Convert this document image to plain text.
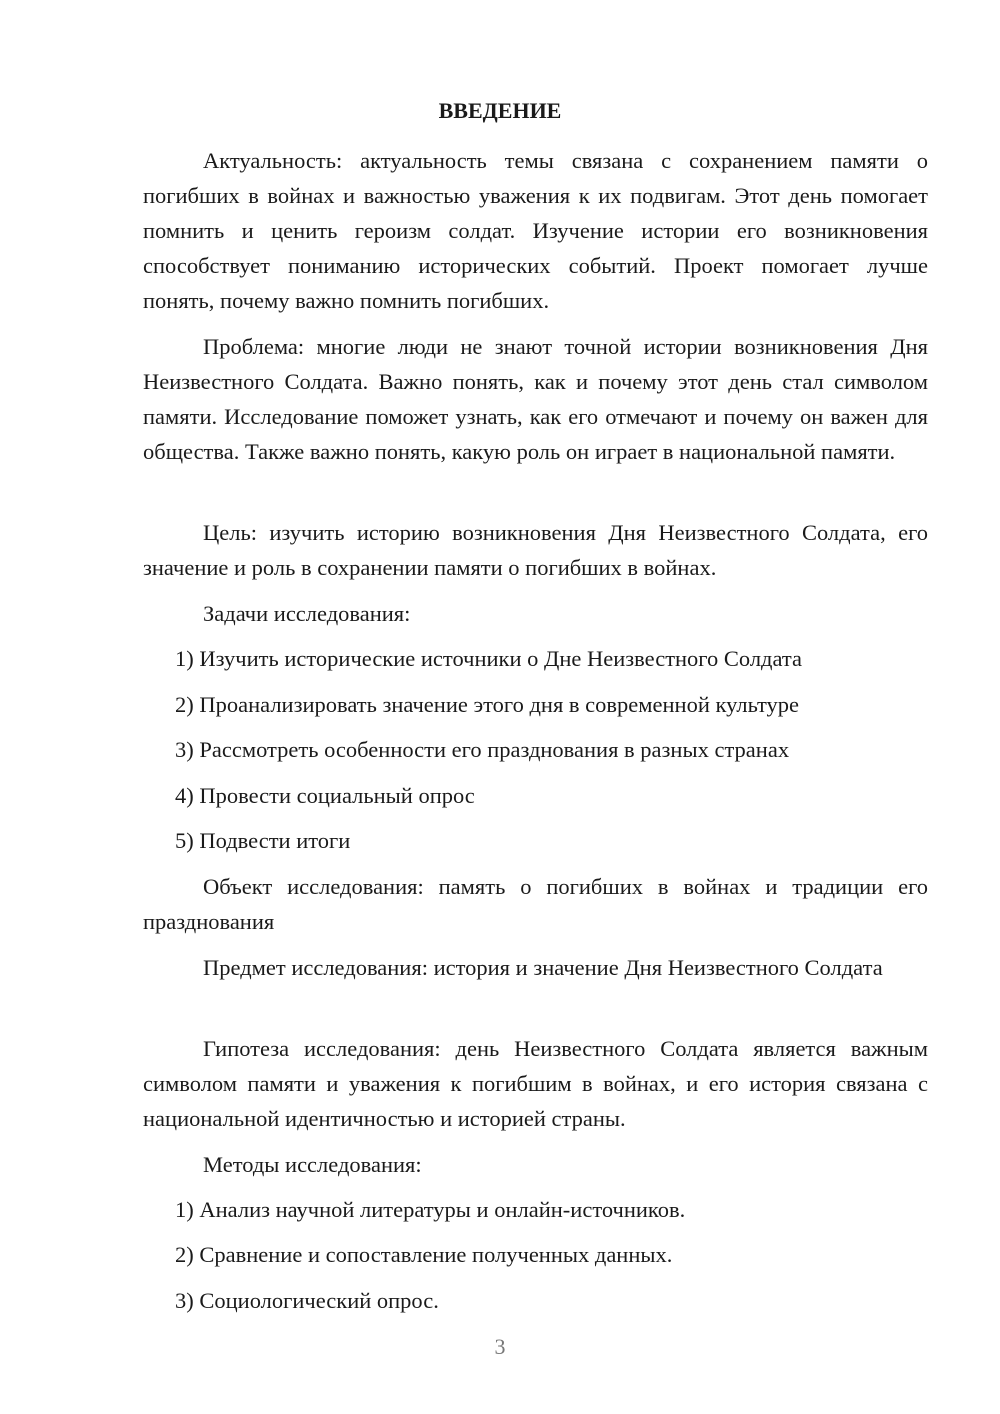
ВВЕДЕНИЕ

Актуальность: актуальность темы связана с сохранением памяти о погибших в войнах и важностью уважения к их подвигам. Этот день помогает помнить и ценить героизм солдат. Изучение истории его возникновения способствует пониманию исторических событий. Проект помогает лучше понять, почему важно помнить погибших.

Проблема: многие люди не знают точной истории возникновения Дня Неизвестного Солдата. Важно понять, как и почему этот день стал символом памяти. Исследование поможет узнать, как его отмечают и почему он важен для общества. Также важно понять, какую роль он играет в национальной памяти.

Цель: изучить историю возникновения Дня Неизвестного Солдата, его значение и роль в сохранении памяти о погибших в войнах.

Задачи исследования:

1) Изучить исторические источники о Дне Неизвестного Солдата

2) Проанализировать значение этого дня в современной культуре

3) Рассмотреть особенности его празднования в разных странах

4) Провести социальный опрос

5) Подвести итоги

Объект исследования: память о погибших в войнах и традиции его празднования

Предмет исследования: история и значение Дня Неизвестного Солдата

Гипотеза исследования: день Неизвестного Солдата является важным символом памяти и уважения к погибшим в войнах, и его история связана с национальной идентичностью и историей страны.

Методы исследования:

1) Анализ научной литературы и онлайн-источников.

2) Сравнение и сопоставление полученных данных.

3) Социологический опрос.

3
